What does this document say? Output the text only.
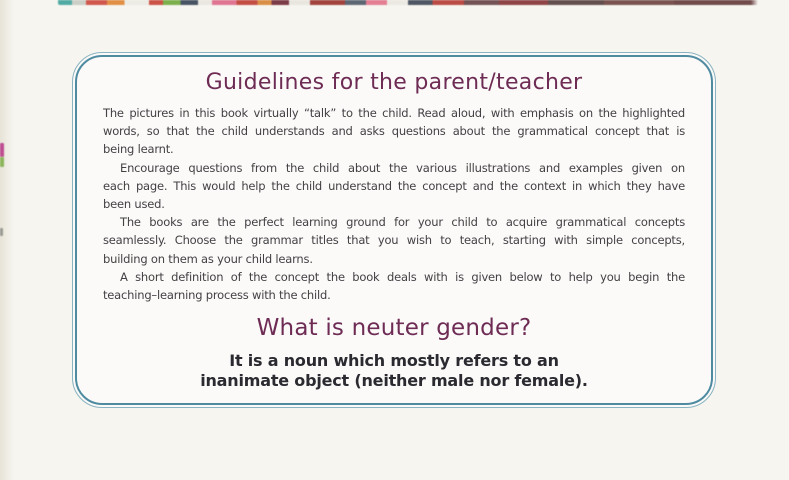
Guidelines for the parent/teacher
The pictures in this book virtually “talk” to the child. Read aloud, with emphasis on the highlighted
words, so that the child understands and asks questions about the grammatical concept that is
being learnt.
Encourage questions from the child about the various illustrations and examples given on
each page. This would help the child understand the concept and the context in which they have
been used.
The books are the perfect learning ground for your child to acquire grammatical concepts
seamlessly. Choose the grammar titles that you wish to teach, starting with simple concepts,
building on them as your child learns.
A short definition of the concept the book deals with is given below to help you begin the
teaching–learning process with the child.
What is neuter gender?
It is a noun which mostly refers to an
inanimate object (neither male nor female).
